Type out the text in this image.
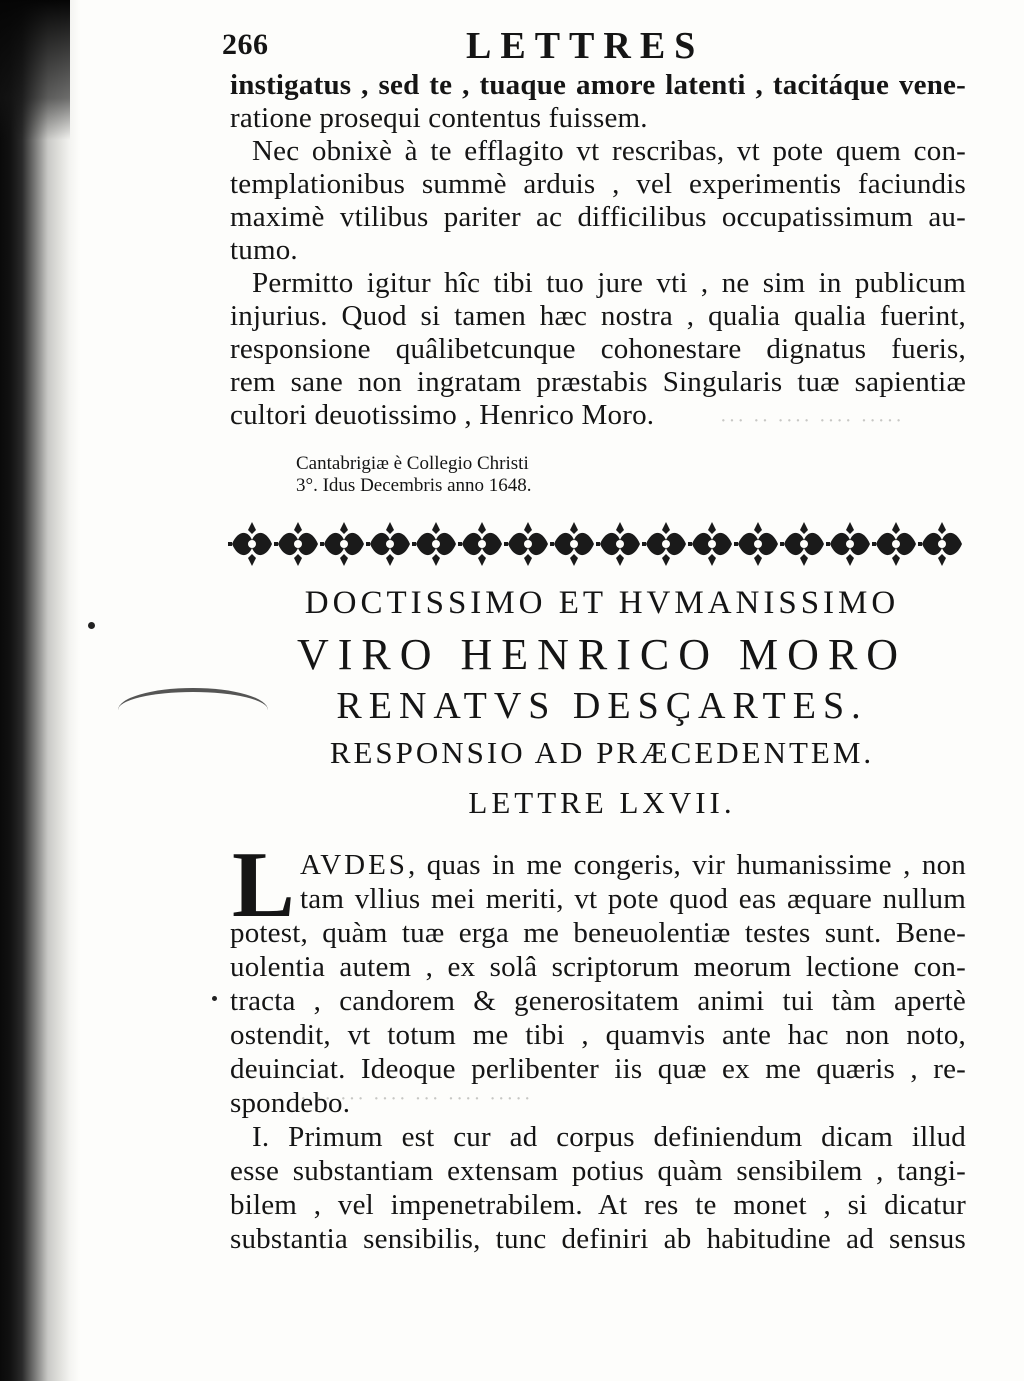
··· ·· ···· ···· ·····
· ·· ··· ···· ··· ···· ·····
266	LETTRES
instigatus , sed te , tuaque amore latenti , tacitáque vene-
ratione prosequi contentus fuissem.
Nec obnixè à te efflagito vt rescribas, vt pote quem con-
templationibus summè arduis , vel experimentis faciundis
maximè vtilibus pariter ac difficilibus occupatissimum au-
tumo.
Permitto igitur hîc tibi tuo jure vti , ne sim in publicum
injurius. Quod si tamen hæc nostra , qualia qualia fuerint,
responsione quâlibetcunque cohonestare dignatus fueris,
rem sane non ingratam præstabis Singularis tuæ sapientiæ
cultori deuotissimo , Henrico Moro.
Cantabrigiæ è Collegio Christi
3°. Idus Decembris anno 1648.
DOCTISSIMO ET HVMANISSIMO
VIRO HENRICO MORO
RENATVS DESÇARTES.
RESPONSIO AD PRÆCEDENTEM.
LETTRE LXVII.
L AVDES, quas in me congeris, vir humanissime , non
tam vllius mei meriti, vt pote quod eas æquare nullum
potest, quàm tuæ erga me beneuolentiæ testes sunt. Bene-
uolentia autem , ex solâ scriptorum meorum lectione con-
tracta , candorem & generositatem animi tui tàm apertè
ostendit, vt totum me tibi , quamvis ante hac non noto,
deuinciat. Ideoque perlibenter iis quæ ex me quæris , re-
spondebo.
I. Primum est cur ad corpus definiendum dicam illud
esse substantiam extensam potius quàm sensibilem , tangi-
bilem , vel impenetrabilem. At res te monet , si dicatur
substantia sensibilis, tunc definiri ab habitudine ad sensus
